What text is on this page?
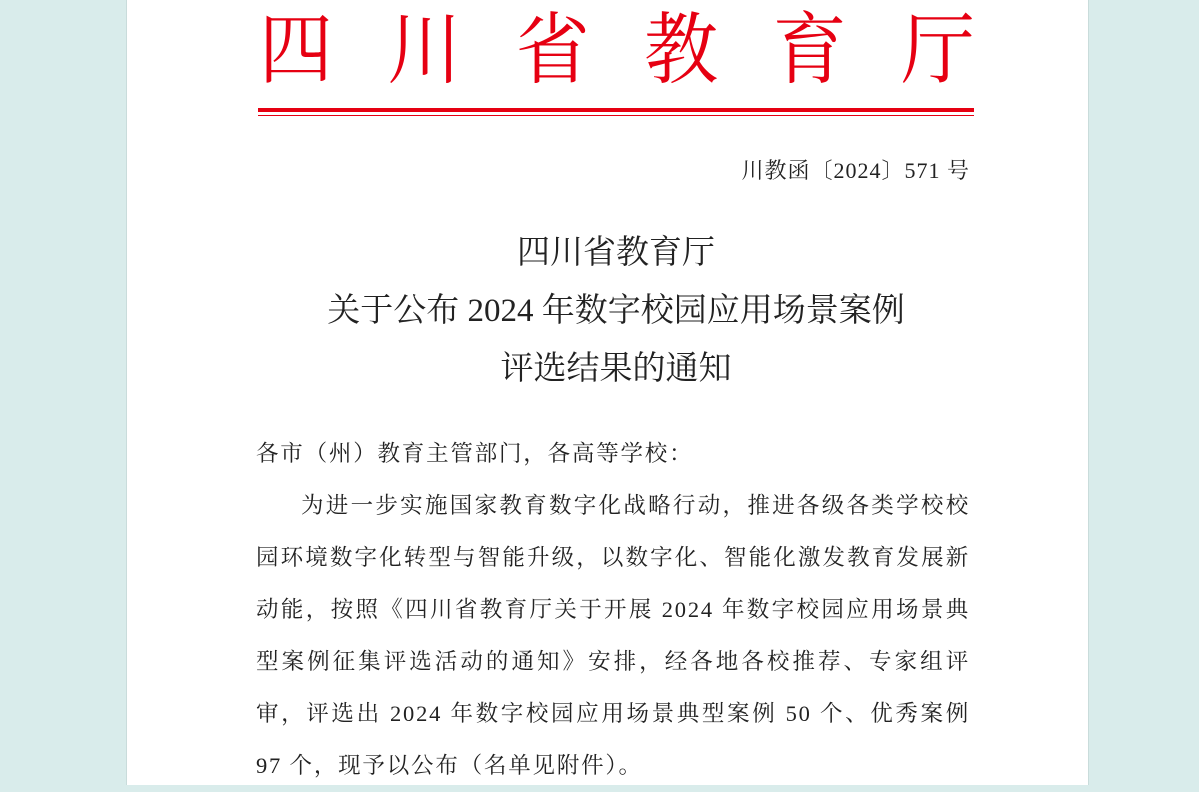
四 川 省 教 育 厅
川教函〔2024〕571 号
四川省教育厅
关于公布 2024 年数字校园应用场景案例
评选结果的通知

各市（州）教育主管部门，各高等学校：

为进一步实施国家教育数字化战略行动，推进各级各类学校校园环境数字化转型与智能升级，以数字化、智能化激发教育发展新动能，按照《四川省教育厅关于开展 2024 年数字校园应用场景典型案例征集评选活动的通知》安排，经各地各校推荐、专家组评审，评选出 2024 年数字校园应用场景典型案例 50 个、优秀案例 97 个，现予以公布（名单见附件）。
